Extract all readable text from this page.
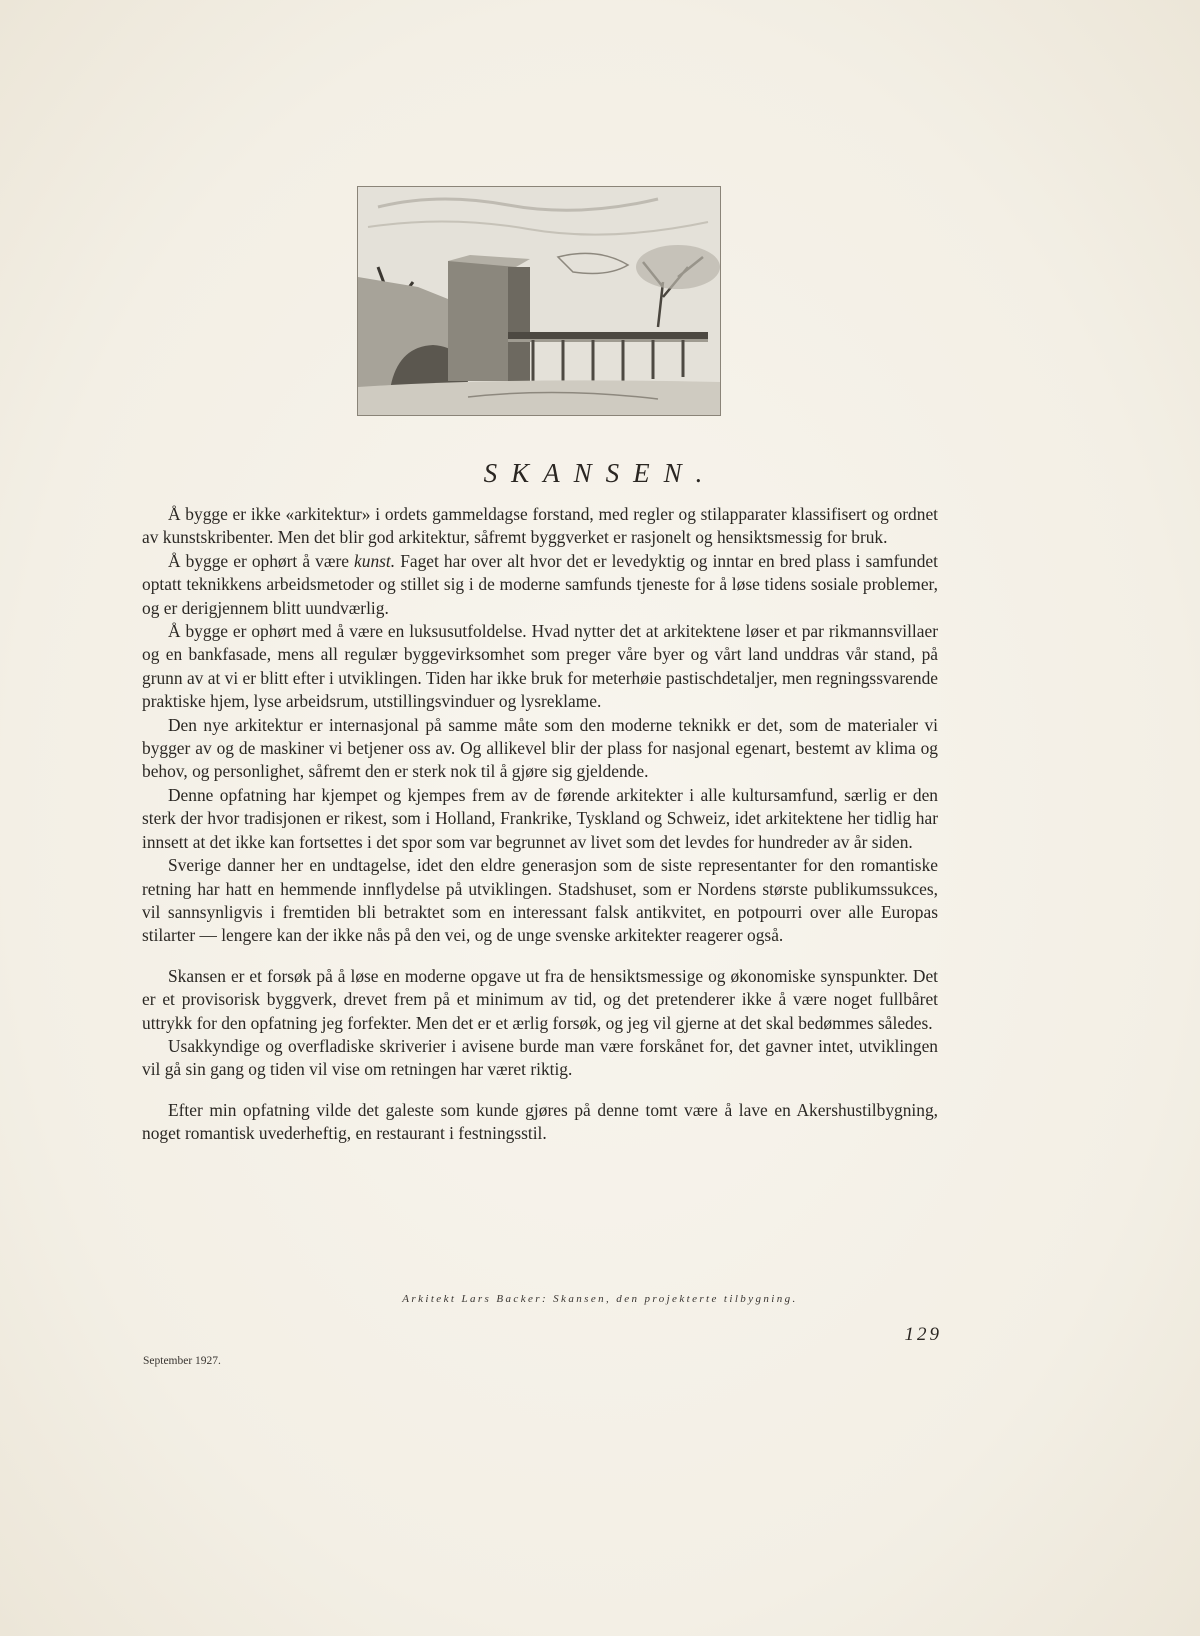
SKANSEN.

Å bygge er ikke «arkitektur» i ordets gammeldagse forstand, med regler og stilapparater klassifisert og ordnet av kunstskribenter. Men det blir god arkitektur, såfremt byggverket er rasjonelt og hensiktsmessig for bruk.

Å bygge er ophørt å være kunst. Faget har over alt hvor det er levedyktig og inntar en bred plass i samfundet optatt teknikkens arbeidsmetoder og stillet sig i de moderne samfunds tjeneste for å løse tidens sosiale problemer, og er derigjennem blitt uundværlig.

Å bygge er ophørt med å være en luksusutfoldelse. Hvad nytter det at arkitektene løser et par rikmannsvillaer og en bankfasade, mens all regulær byggevirksomhet som preger våre byer og vårt land unddras vår stand, på grunn av at vi er blitt efter i utviklingen. Tiden har ikke bruk for meterhøie pastischdetaljer, men regningssvarende praktiske hjem, lyse arbeidsrum, utstillingsvinduer og lysreklame.

Den nye arkitektur er internasjonal på samme måte som den moderne teknikk er det, som de materialer vi bygger av og de maskiner vi betjener oss av. Og allikevel blir der plass for nasjonal egenart, bestemt av klima og behov, og personlighet, såfremt den er sterk nok til å gjøre sig gjeldende.

Denne opfatning har kjempet og kjempes frem av de førende arkitekter i alle kultursamfund, særlig er den sterk der hvor tradisjonen er rikest, som i Holland, Frankrike, Tyskland og Schweiz, idet arkitektene her tidlig har innsett at det ikke kan fortsettes i det spor som var begrunnet av livet som det levdes for hundreder av år siden.

Sverige danner her en undtagelse, idet den eldre generasjon som de siste representanter for den romantiske retning har hatt en hemmende innflydelse på utviklingen. Stadshuset, som er Nordens største publikumssukces, vil sannsynligvis i fremtiden bli betraktet som en interessant falsk antikvitet, en potpourri over alle Europas stilarter — lengere kan der ikke nås på den vei, og de unge svenske arkitekter reagerer også.

Skansen er et forsøk på å løse en moderne opgave ut fra de hensiktsmessige og økonomiske synspunkter. Det er et provisorisk byggverk, drevet frem på et minimum av tid, og det pretenderer ikke å være noget fullbåret uttrykk for den opfatning jeg forfekter. Men det er et ærlig forsøk, og jeg vil gjerne at det skal bedømmes således.

Usakkyndige og overfladiske skriverier i avisene burde man være forskånet for, det gavner intet, utviklingen vil gå sin gang og tiden vil vise om retningen har været riktig.

Efter min opfatning vilde det galeste som kunde gjøres på denne tomt være å lave en Akershustilbygning, noget romantisk uvederheftig, en restaurant i festningsstil.

Arkitekt Lars Backer: Skansen, den projekterte tilbygning.
129
September 1927.
